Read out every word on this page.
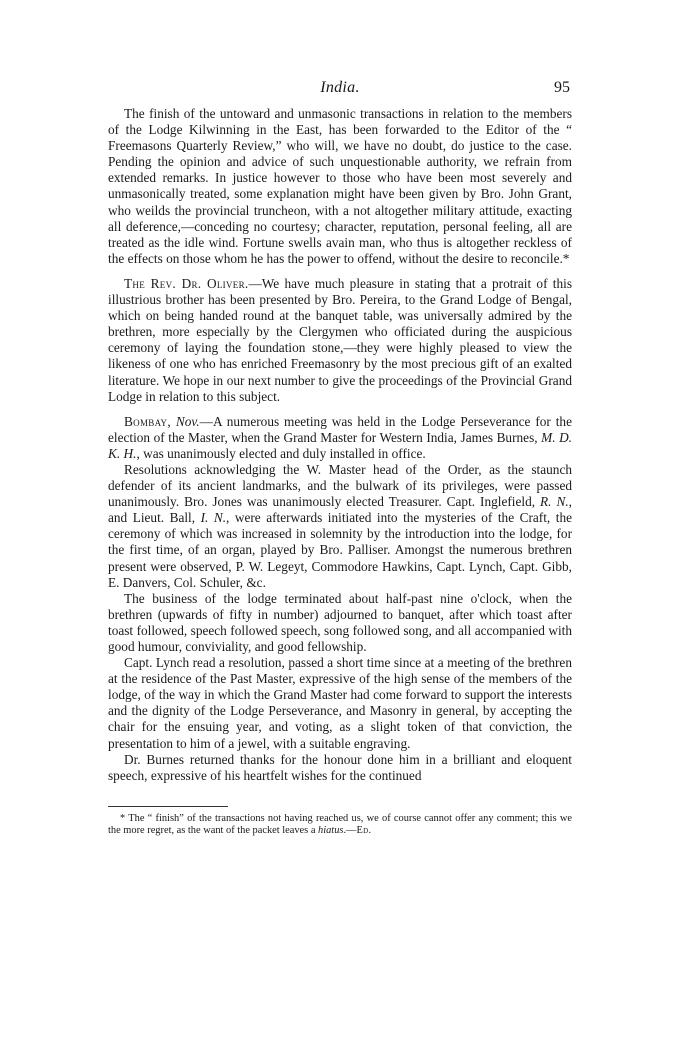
India.	95

The finish of the untoward and unmasonic transactions in relation to the members of the Lodge Kilwinning in the East, has been forwarded to the Editor of the “ Freemasons Quarterly Review,” who will, we have no doubt, do justice to the case. Pending the opinion and advice of such unquestionable authority, we refrain from extended remarks. In justice however to those who have been most severely and unmasonically treated, some explanation might have been given by Bro. John Grant, who weilds the provincial truncheon, with a not altogether military attitude, exacting all deference,—conceding no courtesy; character, reputation, personal feeling, all are treated as the idle wind. Fortune swells avain man, who thus is altogether reckless of the effects on those whom he has the power to offend, without the desire to reconcile.*

The Rev. Dr. Oliver.—We have much pleasure in stating that a protrait of this illustrious brother has been presented by Bro. Pereira, to the Grand Lodge of Bengal, which on being handed round at the banquet table, was universally admired by the brethren, more especially by the Clergymen who officiated during the auspicious ceremony of laying the foundation stone,—they were highly pleased to view the likeness of one who has enriched Freemasonry by the most precious gift of an exalted literature. We hope in our next number to give the proceedings of the Provincial Grand Lodge in relation to this subject.

Bombay, Nov.—A numerous meeting was held in the Lodge Perseverance for the election of the Master, when the Grand Master for Western India, James Burnes, M. D. K. H., was unanimously elected and duly installed in office.

Resolutions acknowledging the W. Master head of the Order, as the staunch defender of its ancient landmarks, and the bulwark of its privileges, were passed unanimously. Bro. Jones was unanimously elected Treasurer. Capt. Inglefield, R. N., and Lieut. Ball, I. N., were afterwards initiated into the mysteries of the Craft, the ceremony of which was increased in solemnity by the introduction into the lodge, for the first time, of an organ, played by Bro. Palliser. Amongst the numerous brethren present were observed, P. W. Legeyt, Commodore Hawkins, Capt. Lynch, Capt. Gibb, E. Danvers, Col. Schuler, &c.

The business of the lodge terminated about half-past nine o'clock, when the brethren (upwards of fifty in number) adjourned to banquet, after which toast after toast followed, speech followed speech, song followed song, and all accompanied with good humour, conviviality, and good fellowship.

Capt. Lynch read a resolution, passed a short time since at a meeting of the brethren at the residence of the Past Master, expressive of the high sense of the members of the lodge, of the way in which the Grand Master had come forward to support the interests and the dignity of the Lodge Perseverance, and Masonry in general, by accepting the chair for the ensuing year, and voting, as a slight token of that conviction, the presentation to him of a jewel, with a suitable engraving.

Dr. Burnes returned thanks for the honour done him in a brilliant and eloquent speech, expressive of his heartfelt wishes for the continued

* The “ finish” of the transactions not having reached us, we of course cannot offer any comment; this we the more regret, as the want of the packet leaves a hiatus.—Ed.
